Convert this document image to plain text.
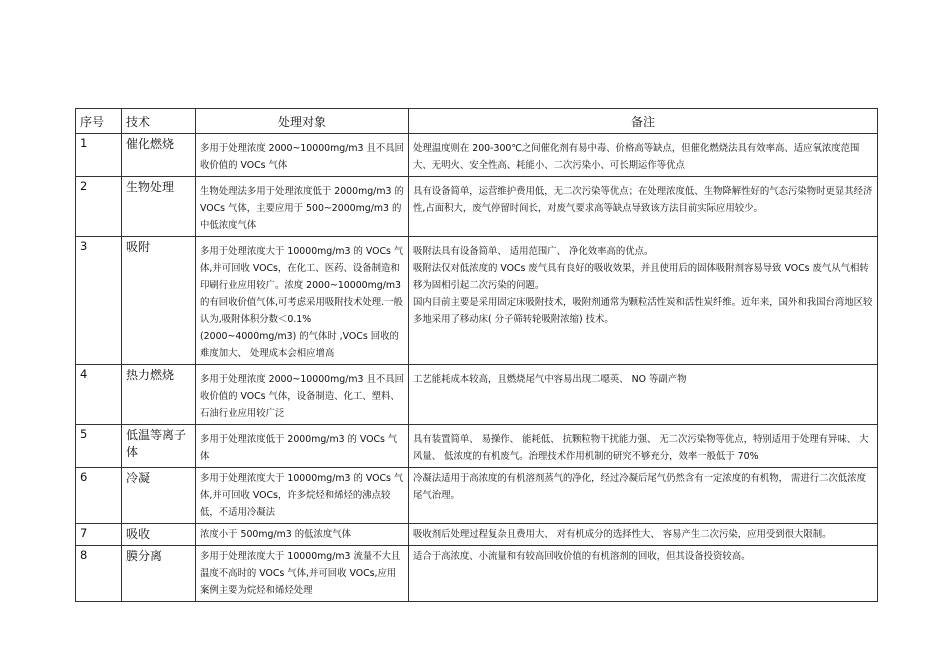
序号	技术	处理对象	备注
1	催化燃烧	多用于处理浓度 2000~10000mg/m3 且不具回收价值的 VOCs 气体	处理温度则在 200-300℃之间催化剂有易中毒、价格高等缺点，但催化燃烧法具有效率高、适应氧浓度范围大、无明火、安全性高、耗能小、二次污染小、可长期运作等优点

2	生物处理	生物处理法多用于处理浓度低于 2000mg/m3 的 VOCs 气体，主要应用于 500~2000mg/m3 的中低浓度气体	具有设备简单，运营维护费用低，无二次污染等优点；在处理浓度低、生物降解性好的气态污染物时更显其经济性,占面积大，废气停留时间长，对废气要求高等缺点导致该方法目前实际应用较少。

3	吸附	多用于处理浓度大于 10000mg/m3 的 VOCs 气体,并可回收 VOCs，在化工、医药、设备制造和印刷行业应用较广。浓度 2000~10000mg/m3 的有回收价值气体,可考虑采用吸附技术处理.一般认为,吸附体积分数＜0.1%(2000~4000mg/m3) 的气体时 ,VOCs 回收的难度加大、 处理成本会相应增高	吸附法具有设备简单、 适用范围广、 净化效率高的优点。
吸附法仅对低浓度的 VOCs 废气具有良好的吸收效果，并且使用后的固体吸附剂容易导致 VOCs 废气从气相转移为固相引起二次污染的问题。
国内目前主要是采用固定床吸附技术，吸附剂通常为颗粒活性炭和活性炭纤维。近年来，国外和我国台湾地区较多地采用了移动床( 分子筛转轮吸附浓缩) 技术。

4	热力燃烧	多用于处理浓度 2000~10000mg/m3 且不具回收价值的 VOCs 气体，设备制造、化工、塑料、石油行业应用较广泛	工艺能耗成本较高，且燃烧尾气中容易出现二噁英、 NO 等副产物

5	低温等离子体	多用于处理浓度低于 2000mg/m3 的 VOCs 气体	具有装置简单、 易操作、 能耗低、 抗颗粒物干扰能力强、 无二次污染物等优点，特别适用于处理有异味、 大风量、 低浓度的有机废气。治理技术作用机制的研究不够充分，效率一般低于 70%

6	冷凝	多用于处理浓度大于 10000mg/m3 的 VOCs 气体,并可回收 VOCs，许多烷烃和烯烃的沸点较低，不适用冷凝法	冷凝法适用于高浓度的有机溶剂蒸气的净化，经过冷凝后尾气仍然含有一定浓度的有机物， 需进行二次低浓度尾气治理。

7	吸收	浓度小于 500mg/m3 的低浓度气体	吸收剂后处理过程复杂且费用大、 对有机成分的选择性大、 容易产生二次污染，应用受到很大限制。

8	膜分离	多用于处理浓度大于 10000mg/m3 流量不大且温度不高时的 VOCs 气体,并可回收 VOCs,应用案例主要为烷烃和烯烃处理	适合于高浓度、小流量和有较高回收价值的有机溶剂的回收，但其设备投资较高。
